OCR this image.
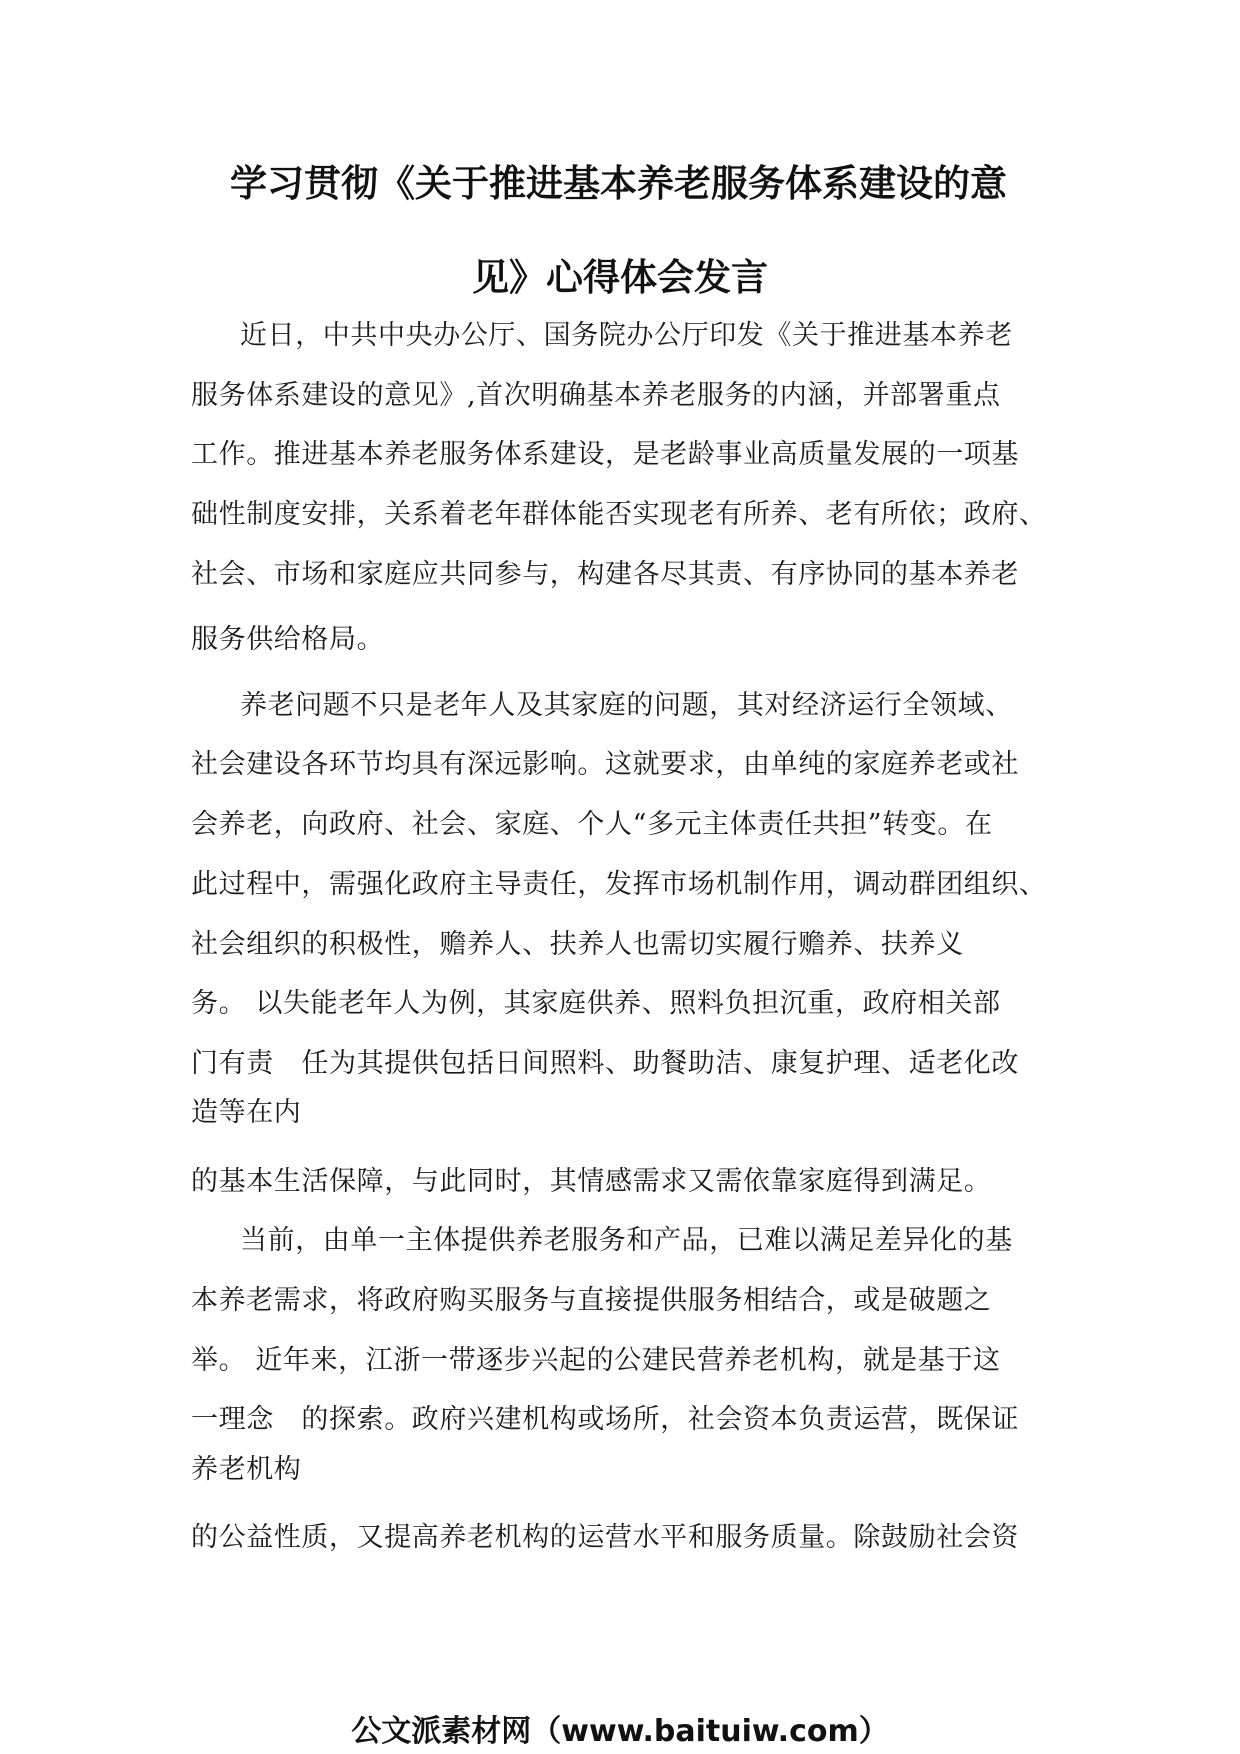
学习贯彻《关于推进基本养老服务体系建设的意
见》心得体会发言
近日，中共中央办公厅、国务院办公厅印发《关于推进基本养老
服务体系建设的意见》,首次明确基本养老服务的内涵，并部署重点
工作。推进基本养老服务体系建设，是老龄事业高质量发展的一项基
础性制度安排，关系着老年群体能否实现老有所养、老有所依；政府、
社会、市场和家庭应共同参与，构建各尽其责、有序协同的基本养老
服务供给格局。
养老问题不只是老年人及其家庭的问题，其对经济运行全领域、
社会建设各环节均具有深远影响。这就要求，由单纯的家庭养老或社
会养老，向政府、社会、家庭、个人“多元主体责任共担”转变。在
此过程中，需强化政府主导责任，发挥市场机制作用，调动群团组织、
社会组织的积极性，赡养人、扶养人也需切实履行赡养、扶养义
务。 以失能老年人为例，其家庭供养、照料负担沉重，政府相关部
门有责　任为其提供包括日间照料、助餐助洁、康复护理、适老化改
造等在内
的基本生活保障，与此同时，其情感需求又需依靠家庭得到满足。
当前，由单一主体提供养老服务和产品，已难以满足差异化的基
本养老需求，将政府购买服务与直接提供服务相结合，或是破题之
举。 近年来，江浙一带逐步兴起的公建民营养老机构，就是基于这
一理念　的探索。政府兴建机构或场所，社会资本负责运营，既保证
养老机构
的公益性质，又提高养老机构的运营水平和服务质量。除鼓励社会资
公文派素材网（www.baituiw.com）
